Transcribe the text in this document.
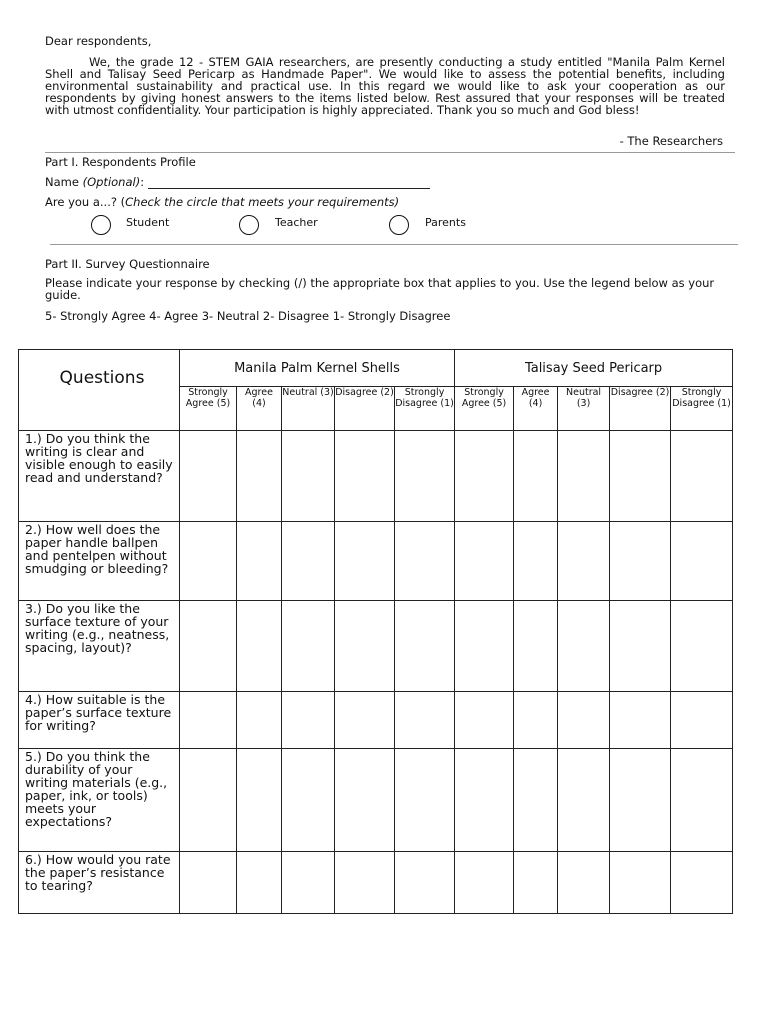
Dear respondents,

We, the grade 12 - STEM GAIA researchers, are presently conducting a study entitled "Manila Palm Kernel Shell and Talisay Seed Pericarp as Handmade Paper". We would like to assess the potential benefits, including environmental sustainability and practical use. In this regard we would like to ask your cooperation as our respondents by giving honest answers to the items listed below. Rest assured that your responses will be treated with utmost confidentiality. Your participation is highly appreciated. Thank you so much and God bless!

- The Researchers
Part I. Respondents Profile
Name (Optional):
Are you a...? (Check the circle that meets your requirements)
Student	Teacher	Parents
Part II. Survey Questionnaire
Please indicate your response by checking (/) the appropriate box that applies to you. Use the legend below as your guide.
5- Strongly Agree 4- Agree 3- Neutral 2- Disagree 1- Strongly Disagree
Questions	Manila Palm Kernel Shells					Talisay Seed Pericarp				
	Strongly Agree (5)	Agree (4)	Neutral (3)	Disagree (2)	Strongly Disagree (1)	Strongly Agree (5)	Agree (4)	Neutral (3)	Disagree (2)	Strongly Disagree (1)
1.) Do you think the writing is clear and visible enough to easily read and understand?										
2.) How well does the paper handle ballpen and pentelpen without smudging or bleeding?										
3.) Do you like the surface texture of your writing (e.g., neatness, spacing, layout)?										
4.) How suitable is the paper’s surface texture for writing?										
5.) Do you think the durability of your writing materials (e.g., paper, ink, or tools) meets your expectations?										
6.) How would you rate the paper’s resistance to tearing?										
